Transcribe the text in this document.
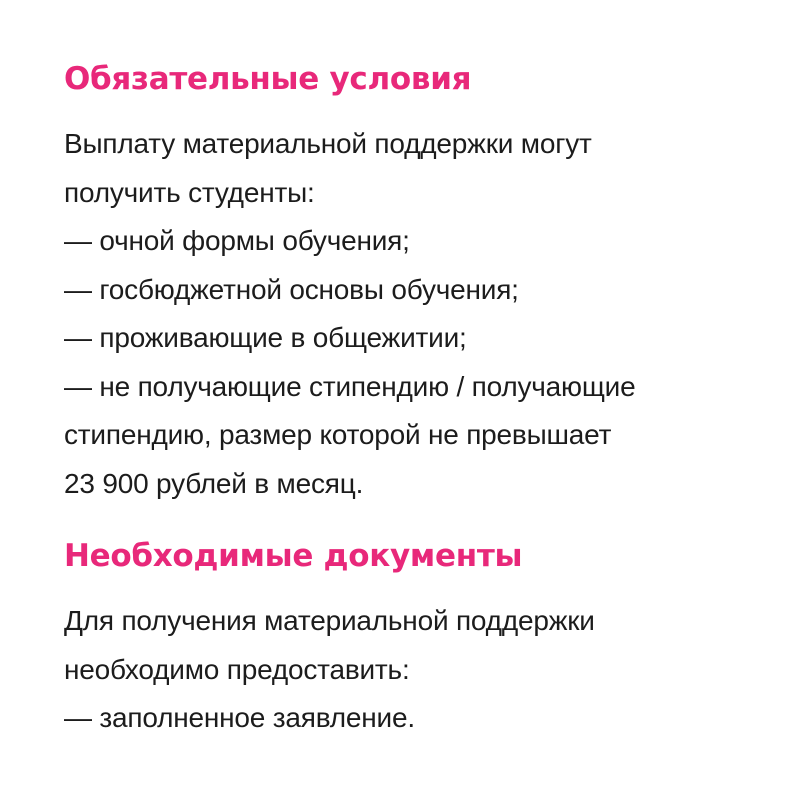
Обязательные условия
Выплату материальной поддержки могут
получить студенты:
— очной формы обучения;
— госбюджетной основы обучения;
— проживающие в общежитии;
— не получающие стипендию / получающие
стипендию, размер которой не превышает
23 900 рублей в месяц.
Необходимые документы
Для получения материальной поддержки
необходимо предоставить:
— заполненное заявление.
